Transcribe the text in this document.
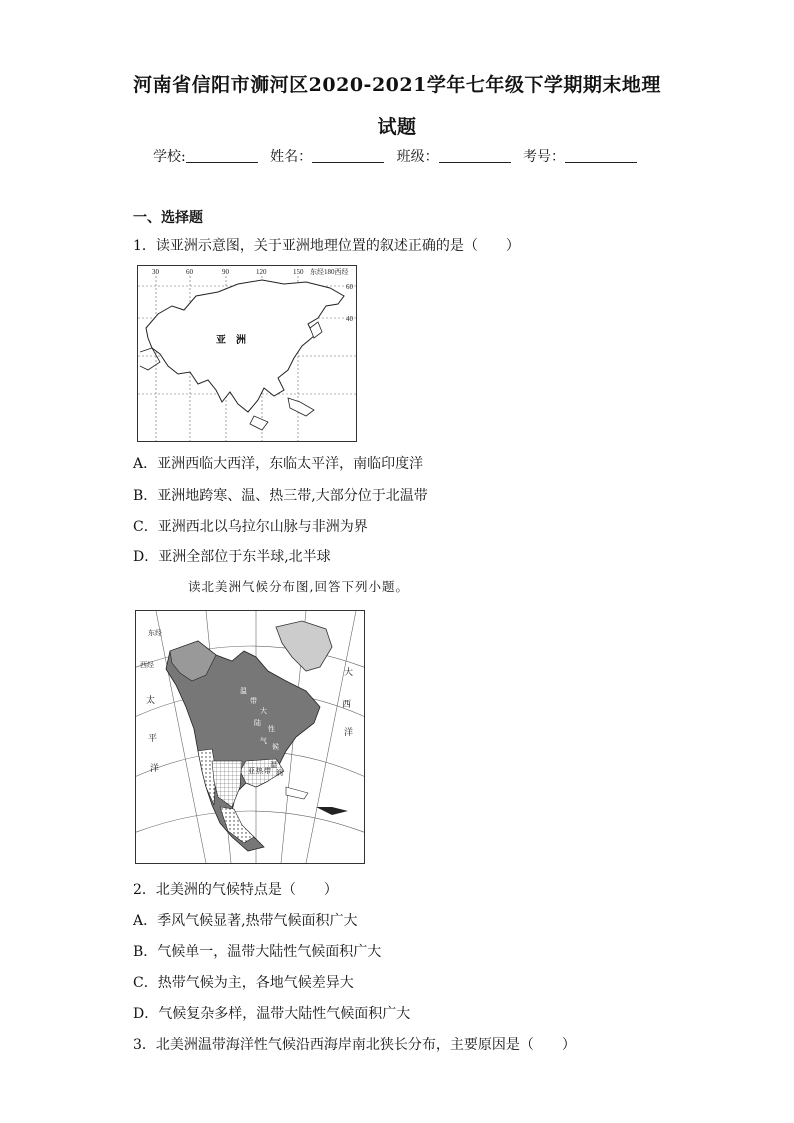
河南省信阳市浉河区2020-2021学年七年级下学期期末地理
试题
学校:	姓名：	班级：	考号：
一、选择题
1．读亚洲示意图，关于亚洲地理位置的叙述正确的是（　　）
30	60	90	120	150 东经180西经
60
40
亚　洲
A．亚洲西临大西洋，东临太平洋，南临印度洋
B．亚洲地跨寒、温、热三带,大部分位于北温带
C．亚洲西北以乌拉尔山脉与非洲为界
D．亚洲全部位于东半球,北半球
读北美洲气候分布图,回答下列小题。
东经
西经
太
平
洋
大
西
洋
温
带
大
陆
性
气
候
亚 热 带
湿
润
2．北美洲的气候特点是（　　）
A．季风气候显著,热带气候面积广大
B．气候单一，温带大陆性气候面积广大
C．热带气候为主，各地气候差异大
D．气候复杂多样，温带大陆性气候面积广大
3．北美洲温带海洋性气候沿西海岸南北狭长分布，主要原因是（　　）
